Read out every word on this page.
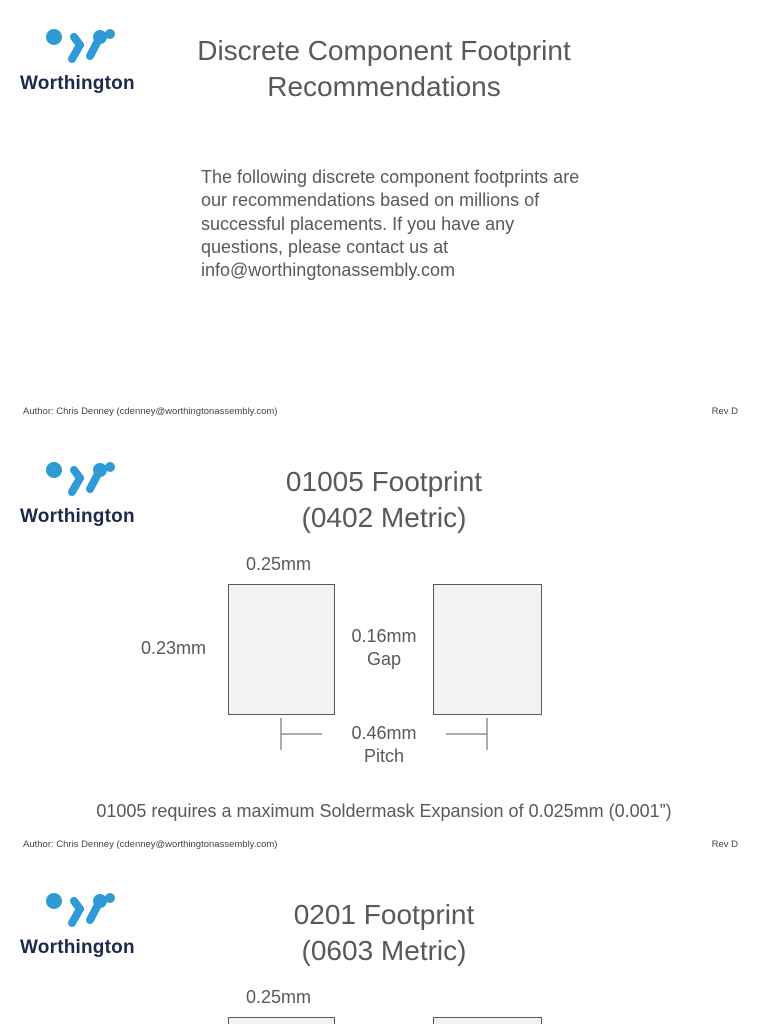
Worthington
Discrete Component Footprint
Recommendations
The following discrete component footprints are our recommendations based on millions of successful placements. If you have any questions, please contact us at info@worthingtonassembly.com
Author: Chris Denney (cdenney@worthingtonassembly.com)	Rev D
Worthington
01005 Footprint
(0402 Metric)
0.25mm
0.23mm
0.16mm
Gap
0.46mm
Pitch
01005 requires a maximum Soldermask Expansion of 0.025mm (0.001”)
Author: Chris Denney (cdenney@worthingtonassembly.com)	Rev D
Worthington
0201 Footprint
(0603 Metric)
0.25mm
